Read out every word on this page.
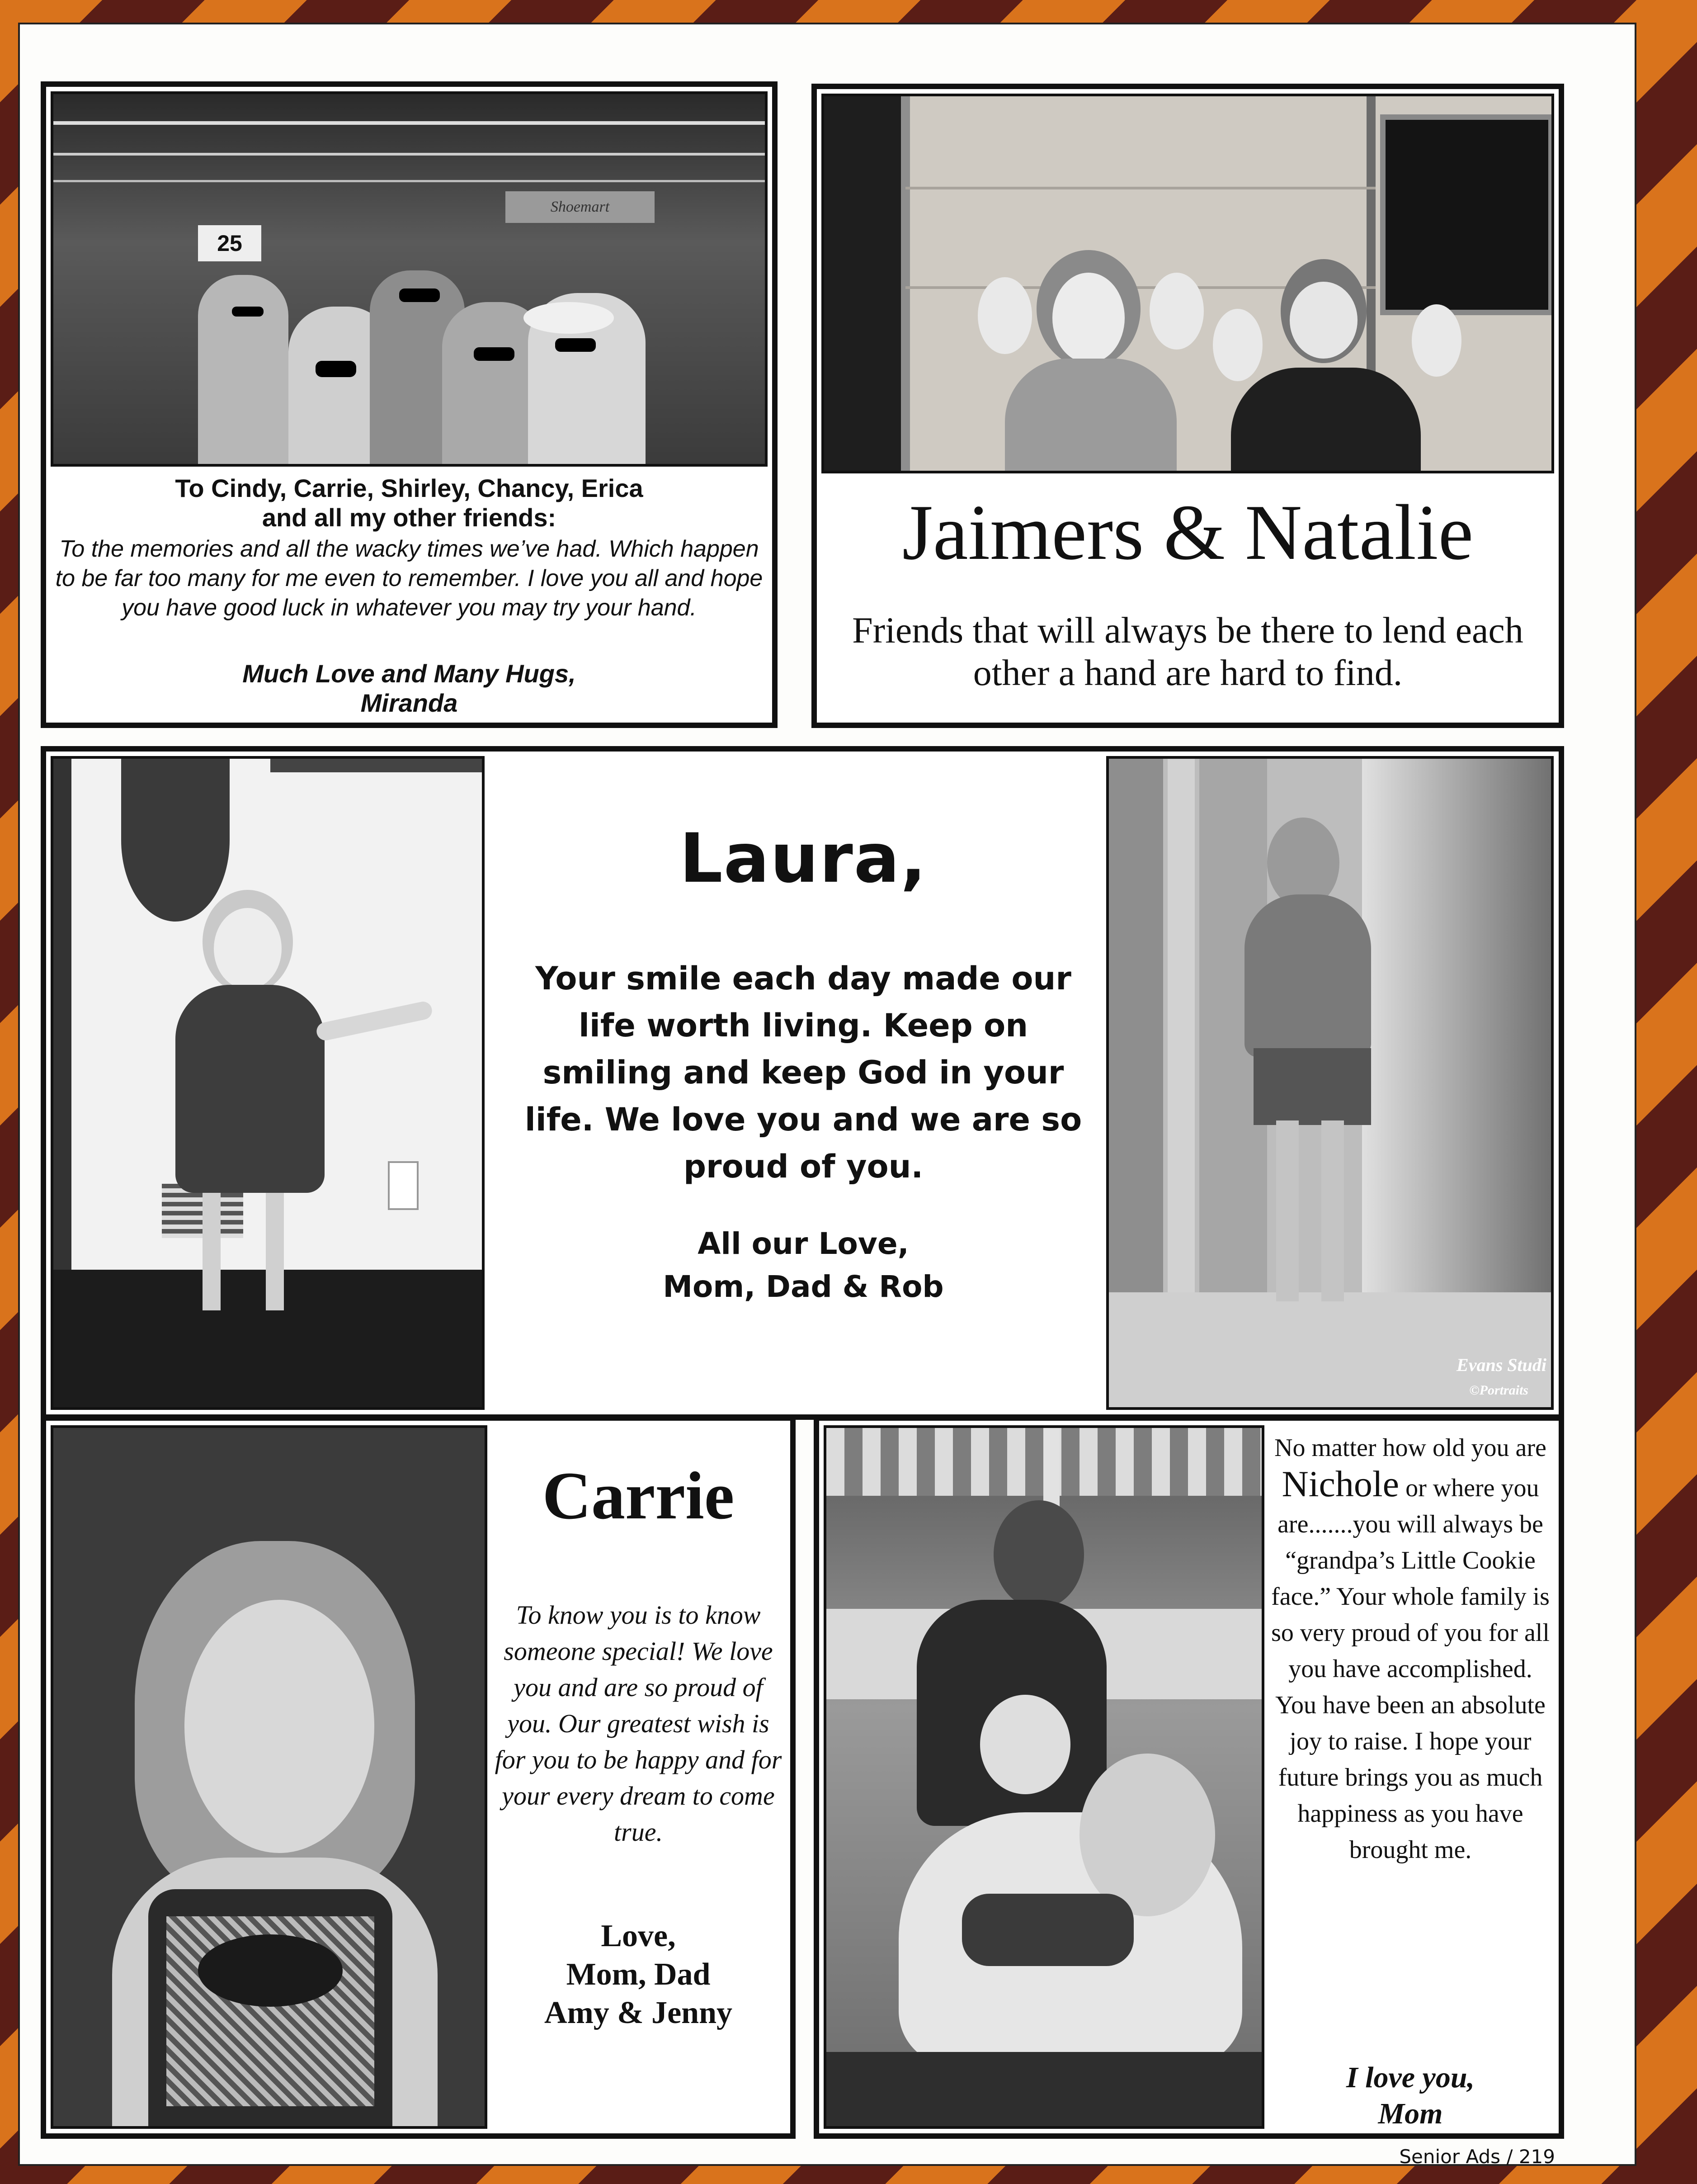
Shoemart
25
To Cindy, Carrie, Shirley, Chancy, Erica
and all my other friends:
To the memories and all the wacky times we’ve had. Which happen to be far too many for me even to remember. I love you all and hope you have good luck in whatever you may try your hand.
Much Love and Many Hugs,
Miranda
Jaimers & Natalie
Friends that will always be there to lend each other a hand are hard to find.
Laura,
Your smile each day made our life worth living. Keep on smiling and keep God in your life. We love you and we are so proud of you.
All our Love,
Mom, Dad & Rob
Evans Studi
©Portraits
Carrie
To know you is to know someone special! We love you and are so proud of you. Our greatest wish is for you to be happy and for your every dream to come true.
Love,
Mom, Dad
Amy & Jenny
No matter how old you are Nichole or where you are.......you will always be “grandpa’s Little Cookie face.” Your whole family is so very proud of you for all you have accomplished. You have been an absolute joy to raise. I hope your future brings you as much happiness as you have brought me.
I love you,
Mom
Senior Ads / 219
